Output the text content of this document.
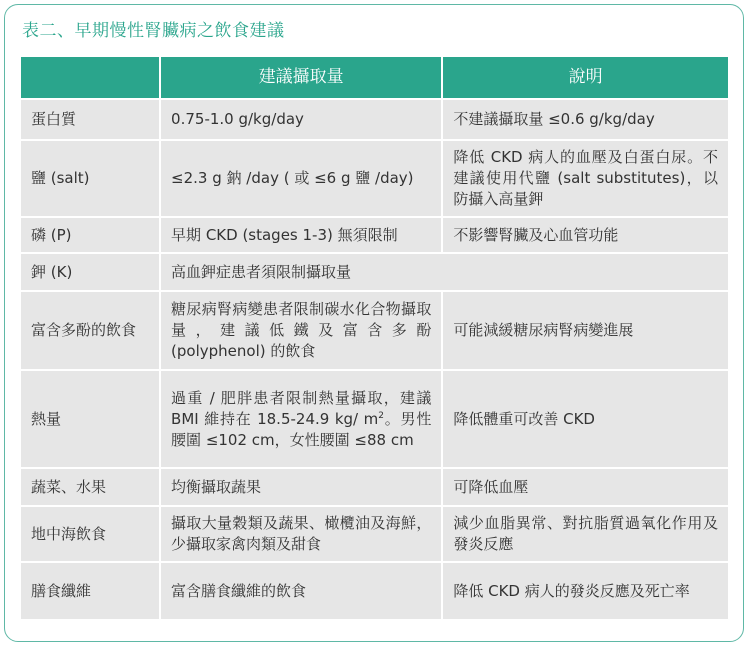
表二、早期慢性腎臟病之飲食建議
	建議攝取量	說明
蛋白質	0.75-1.0 g/kg/day	不建議攝取量 ≤0.6 g/kg/day
鹽 (salt)	≤2.3 g 鈉 /day ( 或 ≤6 g 鹽 /day)	降低 CKD 病人的血壓及白蛋白尿。不建議使用代鹽 (salt substitutes)，以防攝入高量鉀
磷 (P)	早期 CKD (stages 1-3) 無須限制	不影響腎臟及心血管功能
鉀 (K)	高血鉀症患者須限制攝取量	
富含多酚的飲食	糖尿病腎病變患者限制碳水化合物攝取量，建議低鐵及富含多酚 (polyphenol) 的飲食	可能減緩糖尿病腎病變進展
熱量	過重 / 肥胖患者限制熱量攝取，建議 BMI 維持在 18.5-24.9 kg/ $m^2$。男性腰圍 ≤102 cm，女性腰圍 ≤88 cm	降低體重可改善 CKD
蔬菜、水果	均衡攝取蔬果	可降低血壓
地中海飲食	攝取大量穀類及蔬果、橄欖油及海鮮，少攝取家禽肉類及甜食	減少血脂異常、對抗脂質過氧化作用及發炎反應
膳食纖維	富含膳食纖維的飲食	降低 CKD 病人的發炎反應及死亡率
